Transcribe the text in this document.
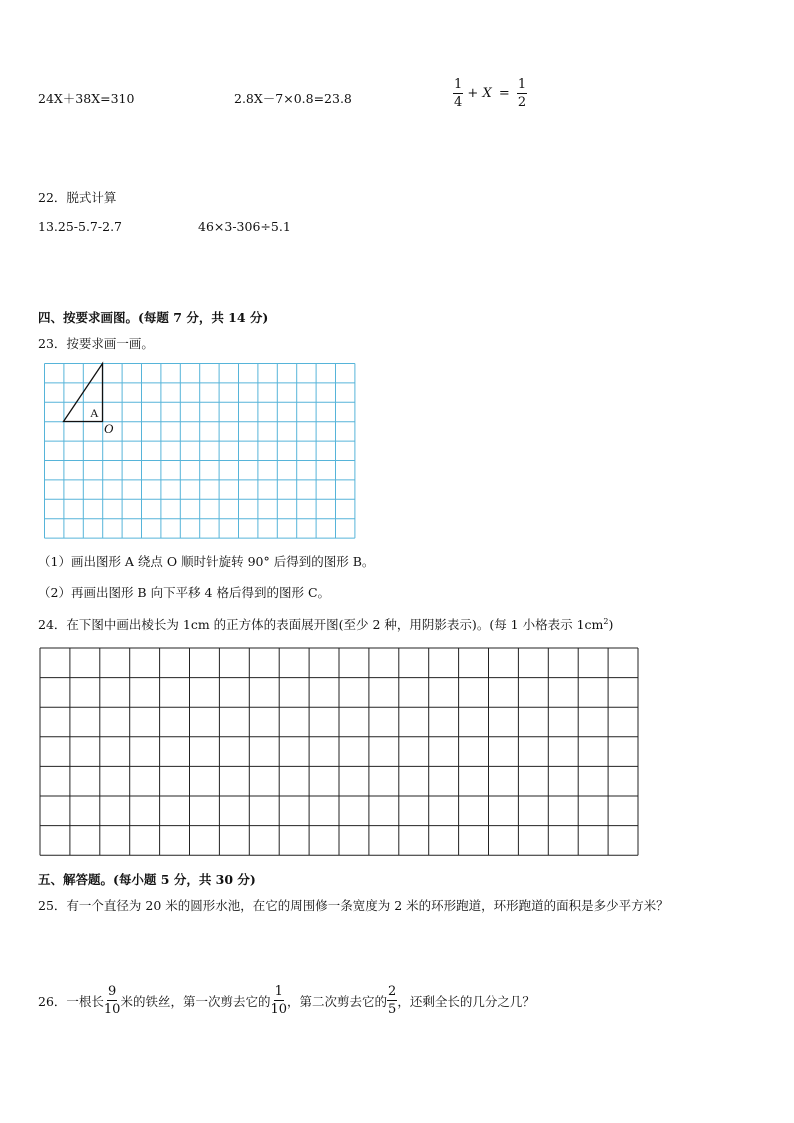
24X＋38X=310	2.8X－7×0.8=23.8	$\frac{1}{4} + X = \frac{1}{2}$
22．脱式计算
13.25-5.7-2.7	46×3-306÷5.1
四、按要求画图。(每题 7 分，共 14 分)
23．按要求画一画。
A
O
（1）画出图形 A 绕点 O 顺时针旋转 90° 后得到的图形 B。
（2）再画出图形 B 向下平移 4 格后得到的图形 C。
24．在下图中画出棱长为 1cm 的正方体的表面展开图(至少 2 种，用阴影表示)。(每 1 小格表示 $1cm^2$)
五、解答题。(每小题 5 分，共 30 分)
25．有一个直径为 20 米的圆形水池，在它的周围修一条宽度为 2 米的环形跑道，环形跑道的面积是多少平方米？
26．一根长 $\frac{9}{10}$ 米的铁丝，第一次剪去它的 $\frac{1}{10}$ ，第二次剪去它的 $\frac{2}{5}$ ，还剩全长的几分之几？
